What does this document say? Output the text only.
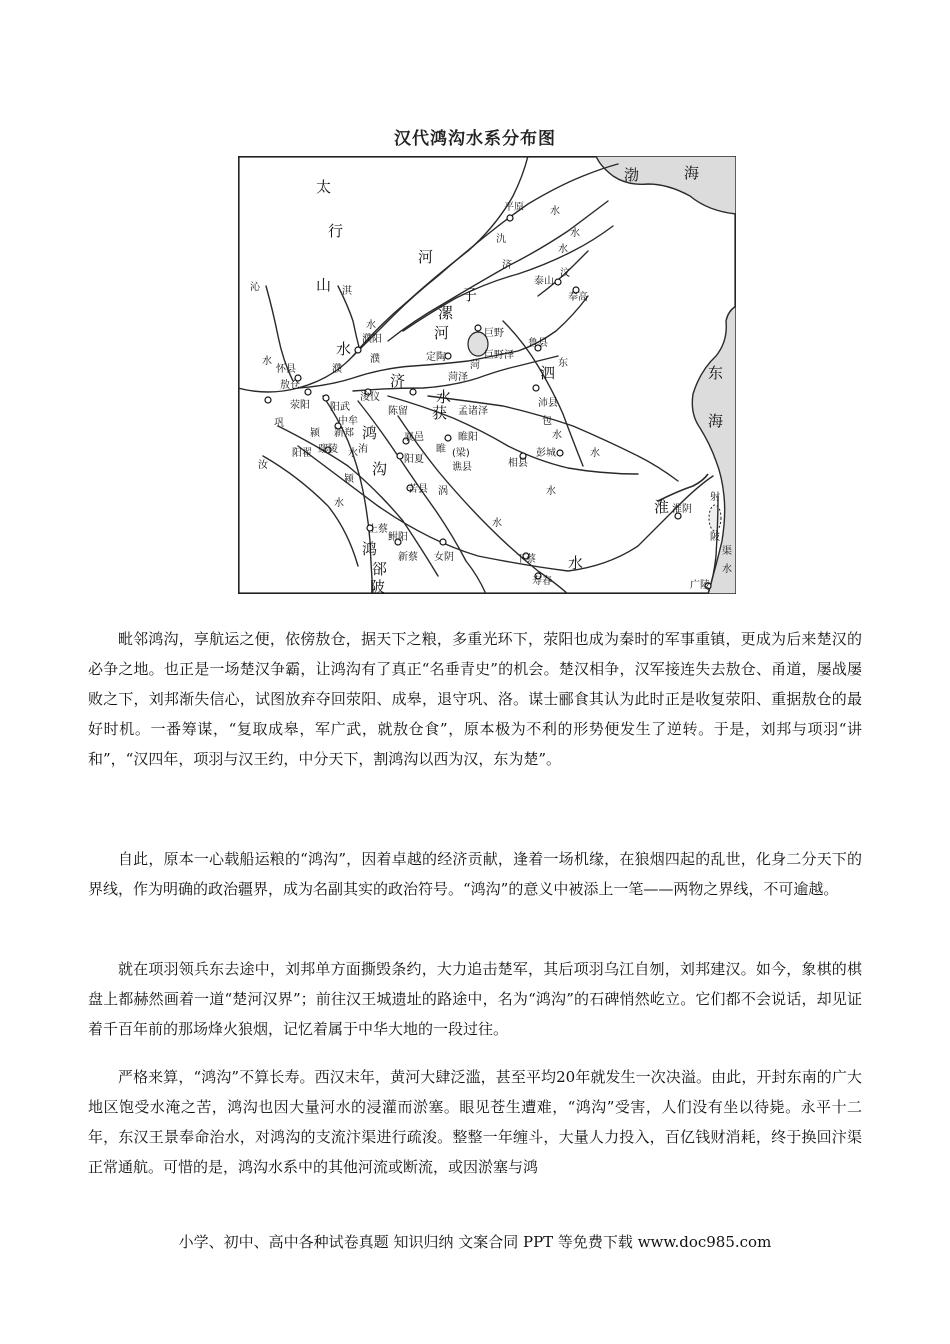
汉代鸿沟水系分布图
太
行
山
渤	海
东
海
平原
河
漯
子
河
氿
水
水
济
泰山
汶
奉高
沁
水
淇
水
水
水
巨野
巨野泽
鲁县
怀县
濮阳
濮
濮
定陶
菏泽
菏
济
水
泗
东
敖仓
荥阳 阳武
浚仪
陈留	孟诸泽
获
沛县
包
水
巩	中牟
颍 新郑 鸿
沟
襄邑	睢阳
(梁)
睢
谯县	相县
彭城
阳翟 鄢陵
阳夏
水
汝
颍
洧	水
水
水
水
苦县 涡
上蔡
新蔡 女阴	下蔡
寿春
鸿
郤
陂
淮 淮阴
射
陂
渠
水
广陵
水
鲋阳

毗邻鸿沟，享航运之便，依傍敖仓，据天下之粮，多重光环下，荥阳也成为秦时的军事重镇，更成为后来楚汉的必争之地。也正是一场楚汉争霸，让鸿沟有了真正“名垂青史”的机会。楚汉相争，汉军接连失去敖仓、甬道，屡战屡败之下，刘邦渐失信心，试图放弃夺回荥阳、成皋，退守巩、洛。谋士郦食其认为此时正是收复荥阳、重据敖仓的最好时机。一番筹谋，“复取成皋，军广武，就敖仓食”，原本极为不利的形势便发生了逆转。于是，刘邦与项羽“讲和”，“汉四年，项羽与汉王约，中分天下，割鸿沟以西为汉，东为楚”。

自此，原本一心载船运粮的“鸿沟”，因着卓越的经济贡献，逢着一场机缘，在狼烟四起的乱世，化身二分天下的界线，作为明确的政治疆界，成为名副其实的政治符号。“鸿沟”的意义中被添上一笔——两物之界线，不可逾越。

就在项羽领兵东去途中，刘邦单方面撕毁条约，大力追击楚军，其后项羽乌江自刎，刘邦建汉。如今，象棋的棋盘上都赫然画着一道“楚河汉界”；前往汉王城遗址的路途中，名为“鸿沟”的石碑悄然屹立。它们都不会说话，却见证着千百年前的那场烽火狼烟，记忆着属于中华大地的一段过往。

严格来算，“鸿沟”不算长寿。西汉末年，黄河大肆泛滥，甚至平均20年就发生一次决溢。由此，开封东南的广大地区饱受水淹之苦，鸿沟也因大量河水的浸灌而淤塞。眼见苍生遭难，“鸿沟”受害，人们没有坐以待毙。永平十二年，东汉王景奉命治水，对鸿沟的支流汴渠进行疏浚。整整一年缠斗，大量人力投入，百亿钱财消耗，终于换回汴渠正常通航。可惜的是，鸿沟水系中的其他河流或断流，或因淤塞与鸿

小学、初中、高中各种试卷真题 知识归纳 文案合同 PPT 等免费下载 www.doc985.com
